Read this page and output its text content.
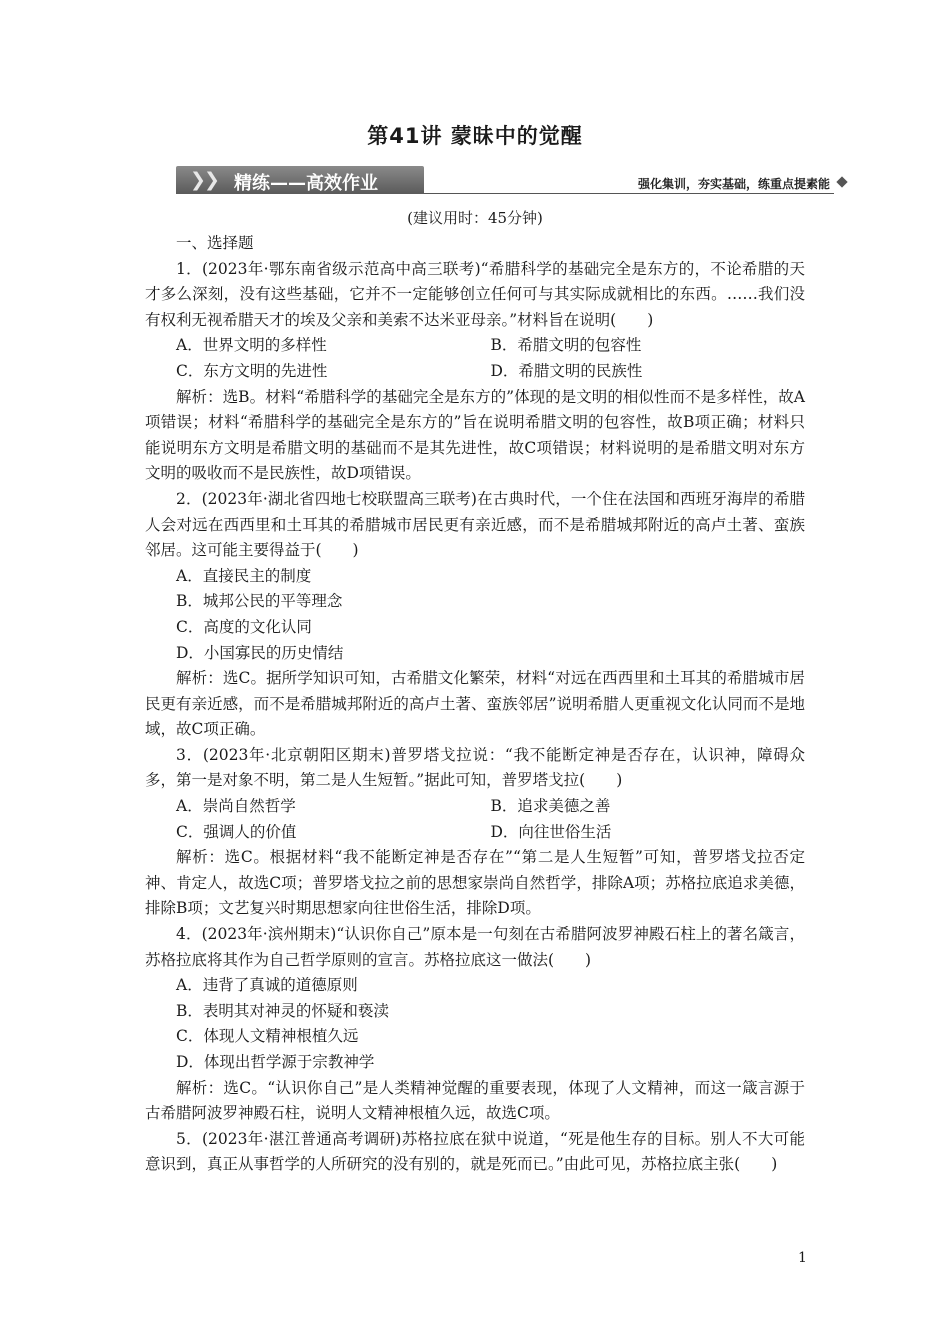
第41讲 蒙昧中的觉醒
❯
❯ 精练——高效作业	强化集训，夯实基础，练重点提素能
(建议用时：45分钟)

一、选择题

1．(2023年·鄂东南省级示范高中高三联考)“希腊科学的基础完全是东方的，不论希腊的天才多么深刻，没有这些基础，它并不一定能够创立任何可与其实际成就相比的东西。……我们没有权利无视希腊天才的埃及父亲和美索不达米亚母亲。”材料旨在说明(　　)

A．世界文明的多样性	B．希腊文明的包容性
C．东方文明的先进性	D．希腊文明的民族性

解析：选B。材料“希腊科学的基础完全是东方的”体现的是文明的相似性而不是多样性，故A项错误；材料“希腊科学的基础完全是东方的”旨在说明希腊文明的包容性，故B项正确；材料只能说明东方文明是希腊文明的基础而不是其先进性，故C项错误；材料说明的是希腊文明对东方文明的吸收而不是民族性，故D项错误。

2．(2023年·湖北省四地七校联盟高三联考)在古典时代，一个住在法国和西班牙海岸的希腊人会对远在西西里和土耳其的希腊城市居民更有亲近感，而不是希腊城邦附近的高卢土著、蛮族邻居。这可能主要得益于(　　)

A．直接民主的制度

B．城邦公民的平等理念

C．高度的文化认同

D．小国寡民的历史情结

解析：选C。据所学知识可知，古希腊文化繁荣，材料“对远在西西里和土耳其的希腊城市居民更有亲近感，而不是希腊城邦附近的高卢土著、蛮族邻居”说明希腊人更重视文化认同而不是地域，故C项正确。

3．(2023年·北京朝阳区期末)普罗塔戈拉说：“我不能断定神是否存在，认识神，障碍众多，第一是对象不明，第二是人生短暂。”据此可知，普罗塔戈拉(　　)

A．崇尚自然哲学	B．追求美德之善
C．强调人的价值	D．向往世俗生活

解析：选C。根据材料“我不能断定神是否存在”“第二是人生短暂”可知，普罗塔戈拉否定神、肯定人，故选C项；普罗塔戈拉之前的思想家崇尚自然哲学，排除A项；苏格拉底追求美德，排除B项；文艺复兴时期思想家向往世俗生活，排除D项。

4．(2023年·滨州期末)“认识你自己”原本是一句刻在古希腊阿波罗神殿石柱上的著名箴言，苏格拉底将其作为自己哲学原则的宣言。苏格拉底这一做法(　　)

A．违背了真诚的道德原则

B．表明其对神灵的怀疑和亵渎

C．体现人文精神根植久远

D．体现出哲学源于宗教神学

解析：选C。“认识你自己”是人类精神觉醒的重要表现，体现了人文精神，而这一箴言源于古希腊阿波罗神殿石柱，说明人文精神根植久远，故选C项。

5．(2023年·湛江普通高考调研)苏格拉底在狱中说道，“死是他生存的目标。别人不大可能意识到，真正从事哲学的人所研究的没有别的，就是死而已。”由此可见，苏格拉底主张(　　)

1
